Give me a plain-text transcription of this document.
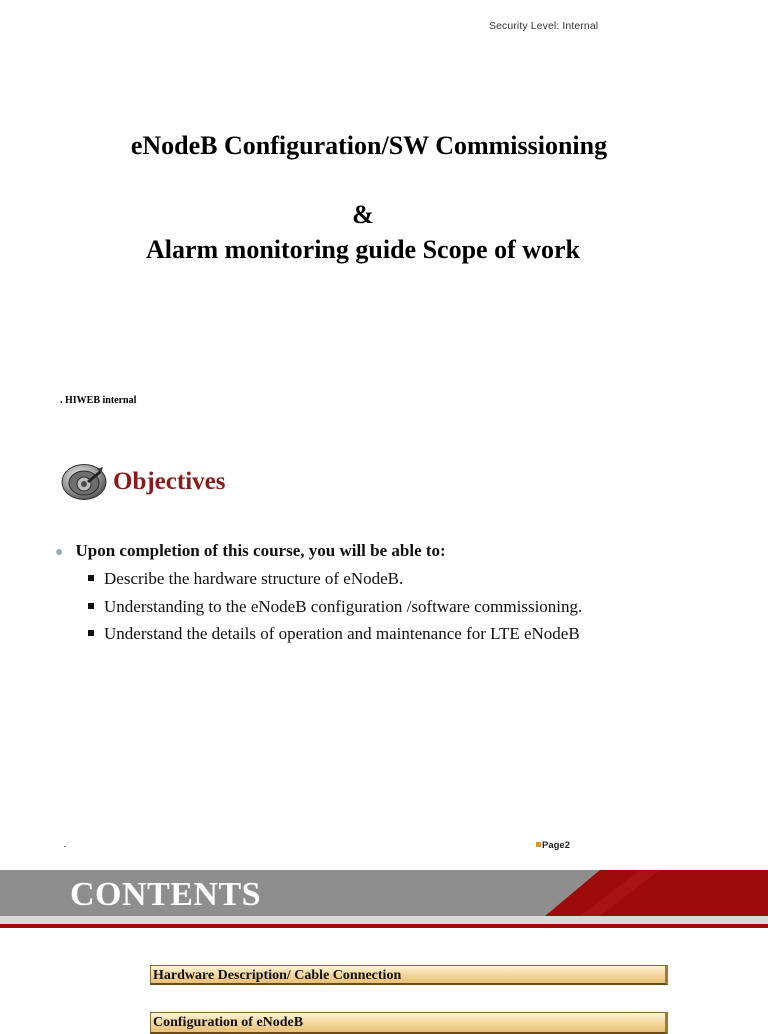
Security Level: Internal
eNodeB Configuration/SW Commissioning
&
Alarm monitoring guide Scope of work
. HIWEB internal
Objectives
● Upon completion of this course, you will be able to:
Describe the hardware structure of eNodeB.
Understanding to the eNodeB configuration /software commissioning.
Understand the details of operation and maintenance for LTE eNodeB
Page2
CONTENTS
Hardware Description/ Cable Connection
Configuration of eNodeB
